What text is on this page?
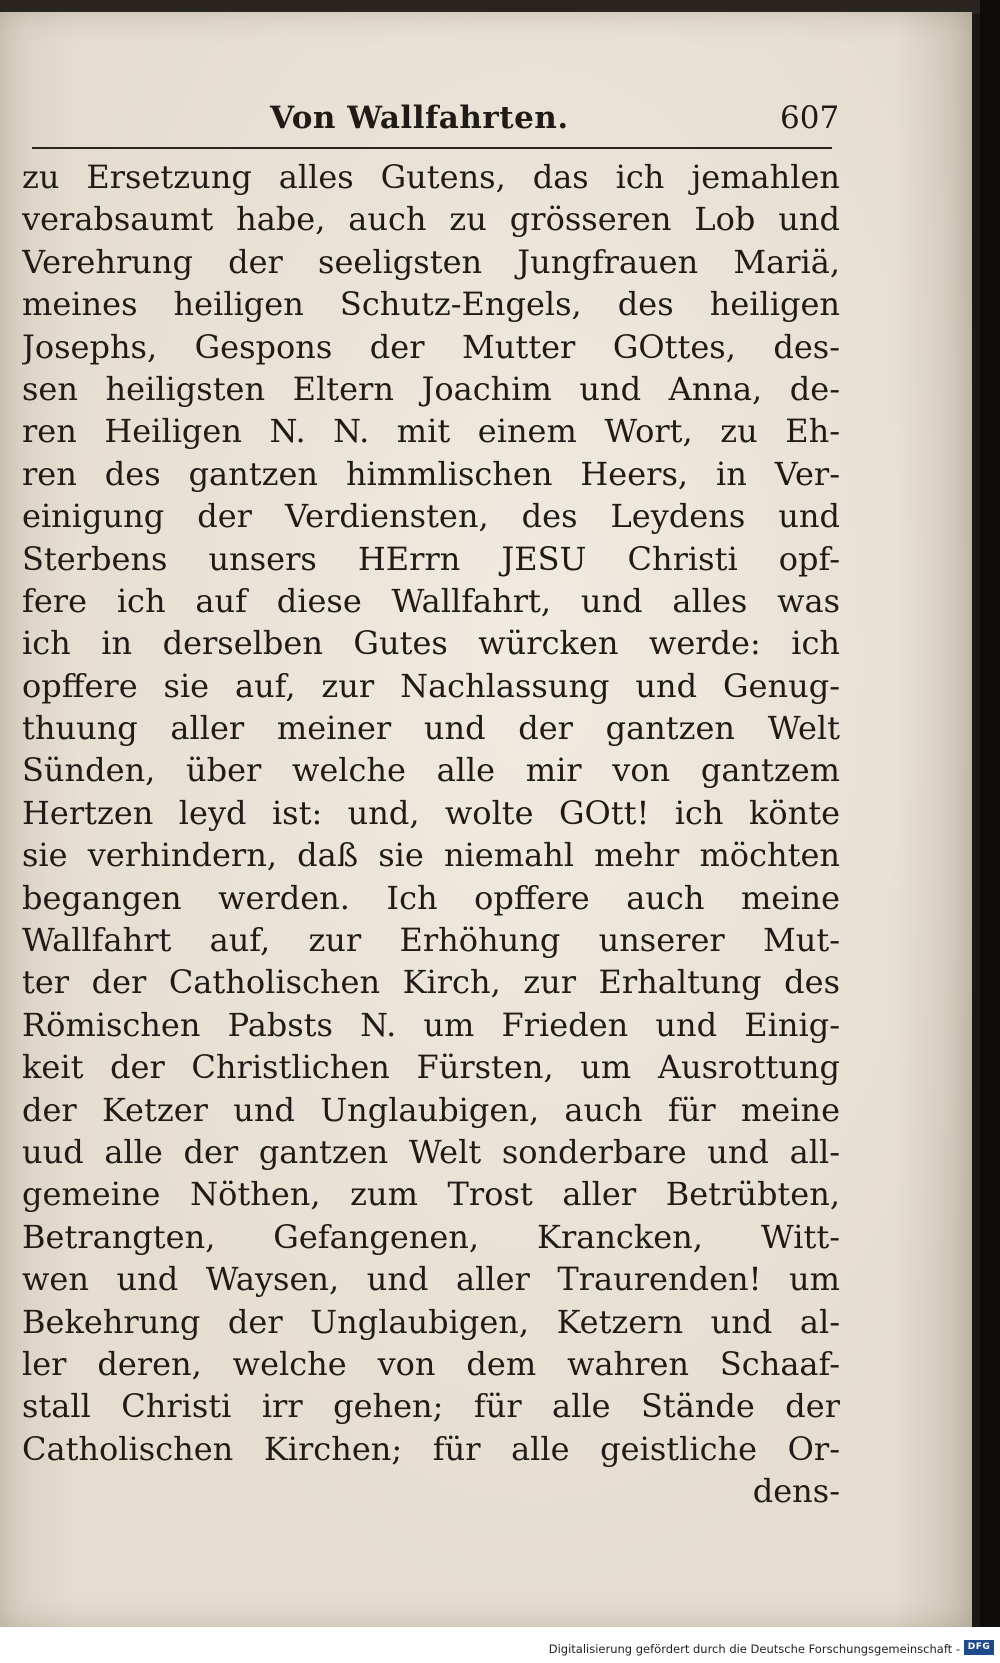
Von Wallfahrten.	607
zu Ersetzung alles Gutens, das ich jemahlen
verabsaumt habe, auch zu grösseren Lob und
Verehrung der seeligsten Jungfrauen Mariä,
meines heiligen Schutz-Engels, des heiligen
Josephs, Gespons der Mutter GOttes, des-
sen heiligsten Eltern Joachim und Anna, de-
ren Heiligen N. N. mit einem Wort, zu Eh-
ren des gantzen himmlischen Heers, in Ver-
einigung der Verdiensten, des Leydens und
Sterbens unsers HErrn JESU Christi opf-
fere ich auf diese Wallfahrt, und alles was
ich in derselben Gutes würcken werde: ich
opffere sie auf, zur Nachlassung und Genug-
thuung aller meiner und der gantzen Welt
Sünden, über welche alle mir von gantzem
Hertzen leyd ist: und, wolte GOtt! ich könte
sie verhindern, daß sie niemahl mehr möchten
begangen werden. Ich opffere auch meine
Wallfahrt auf, zur Erhöhung unserer Mut-
ter der Catholischen Kirch, zur Erhaltung des
Römischen Pabsts N. um Frieden und Einig-
keit der Christlichen Fürsten, um Ausrottung
der Ketzer und Unglaubigen, auch für meine
uud alle der gantzen Welt sonderbare und all-
gemeine Nöthen, zum Trost aller Betrübten,
Betrangten, Gefangenen, Krancken, Witt-
wen und Waysen, und aller Traurenden! um
Bekehrung der Unglaubigen, Ketzern und al-
ler deren, welche von dem wahren Schaaf-
stall Christi irr gehen; für alle Stände der
Catholischen Kirchen; für alle geistliche Or-
dens-
Digitalisierung gefördert durch die Deutsche Forschungsgemeinschaft - DFG
